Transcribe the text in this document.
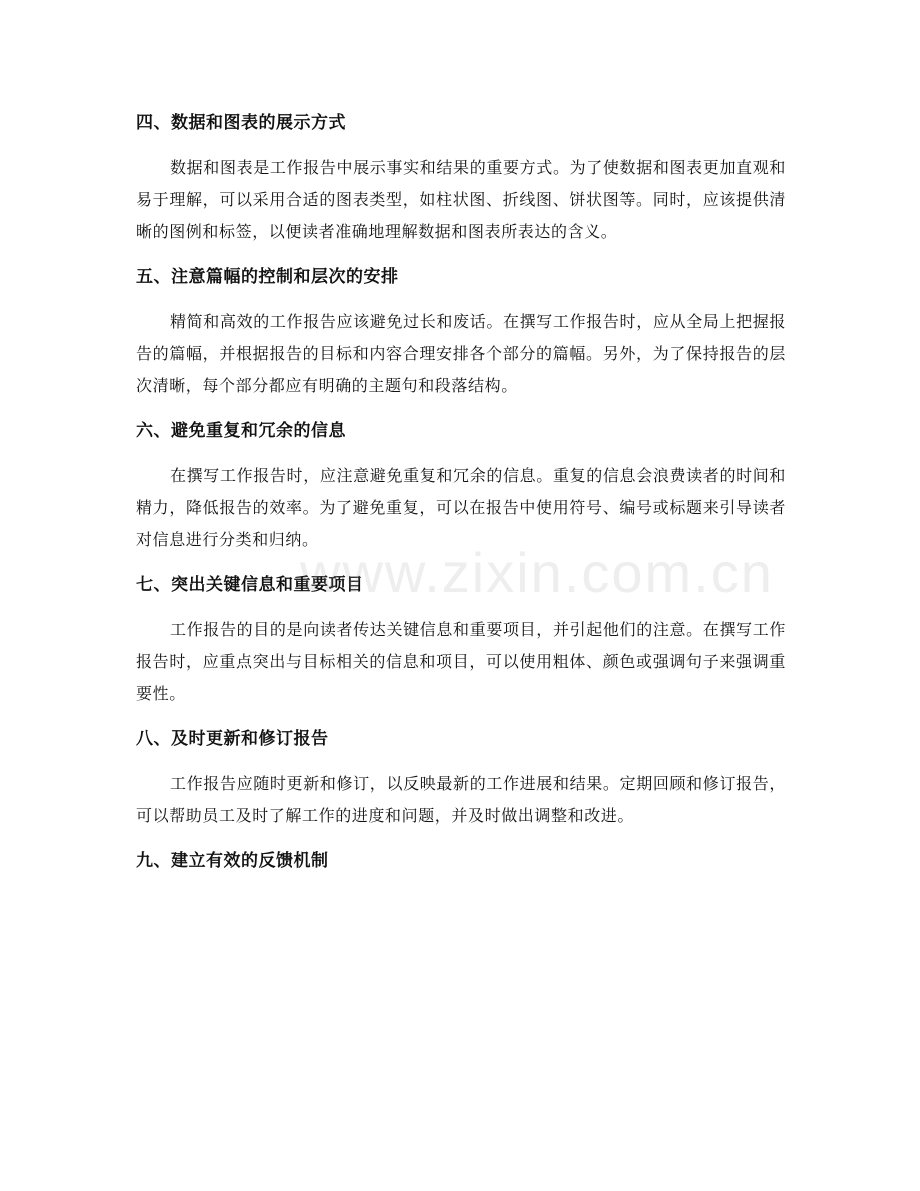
四、数据和图表的展示方式

数据和图表是工作报告中展示事实和结果的重要方式。为了使数据和图表更加直观和易于理解，可以采用合适的图表类型，如柱状图、折线图、饼状图等。同时，应该提供清晰的图例和标签，以便读者准确地理解数据和图表所表达的含义。

五、注意篇幅的控制和层次的安排

精简和高效的工作报告应该避免过长和废话。在撰写工作报告时，应从全局上把握报告的篇幅，并根据报告的目标和内容合理安排各个部分的篇幅。另外，为了保持报告的层次清晰，每个部分都应有明确的主题句和段落结构。

六、避免重复和冗余的信息

在撰写工作报告时，应注意避免重复和冗余的信息。重复的信息会浪费读者的时间和精力，降低报告的效率。为了避免重复，可以在报告中使用符号、编号或标题来引导读者对信息进行分类和归纳。

七、突出关键信息和重要项目

工作报告的目的是向读者传达关键信息和重要项目，并引起他们的注意。在撰写工作报告时，应重点突出与目标相关的信息和项目，可以使用粗体、颜色或强调句子来强调重要性。

八、及时更新和修订报告

工作报告应随时更新和修订，以反映最新的工作进展和结果。定期回顾和修订报告，可以帮助员工及时了解工作的进度和问题，并及时做出调整和改进。

九、建立有效的反馈机制
www.zixin.com.cn
